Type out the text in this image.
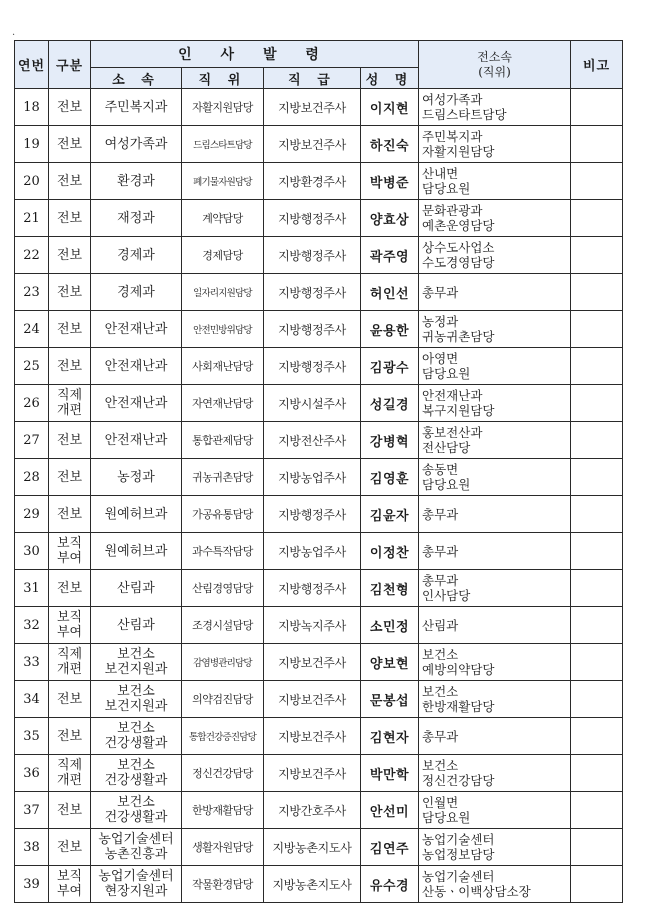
·
연번	구분	인 사 발 령				전소속
(직위)	비고
		소 속	직 위	직 급	성 명		
18	전보	주민복지과	자활지원담당	지방보건주사	이지현	여성가족과
드림스타트담당	

19	전보	여성가족과	드림스타트담당	지방보건주사	하진숙	주민복지과
자활지원담당	

20	전보	환경과	폐기물자원담당	지방환경주사	박병준	산내면
담당요원	

21	전보	재정과	계약담당	지방행정주사	양효상	문화관광과
예촌운영담당	

22	전보	경제과	경제담당	지방행정주사	곽주영	상수도사업소
수도경영담당	

23	전보	경제과	일자리지원담당	지방행정주사	허인선	총무과	

24	전보	안전재난과	안전민방위담당	지방행정주사	윤용한	농정과
귀농귀촌담당	

25	전보	안전재난과	사회재난담당	지방행정주사	김광수	아영면
담당요원	

26	직제
개편	안전재난과	자연재난담당	지방시설주사	성길경	안전재난과
복구지원담당	

27	전보	안전재난과	통합관제담당	지방전산주사	강병혁	홍보전산과
전산담당	

28	전보	농정과	귀농귀촌담당	지방농업주사	김영훈	송동면
담당요원	

29	전보	원예허브과	가공유통담당	지방행정주사	김윤자	총무과	

30	보직
부여	원예허브과	과수특작담당	지방농업주사	이정찬	총무과	

31	전보	산림과	산림경영담당	지방행정주사	김천형	총무과
인사담당	

32	보직
부여	산림과	조경시설담당	지방녹지주사	소민정	산림과	

33	직제
개편	보건소
보건지원과	감염병관리담당	지방보건주사	양보현	보건소
예방의약담당	

34	전보	보건소
보건지원과	의약검진담당	지방보건주사	문봉섭	보건소
한방재활담당	

35	전보	보건소
건강생활과	통합건강증진담당	지방보건주사	김현자	총무과	

36	직제
개편	보건소
건강생활과	정신건강담당	지방보건주사	박만학	보건소
정신건강담당	

37	전보	보건소
건강생활과	한방재활담당	지방간호주사	안선미	인월면
담당요원	

38	전보	농업기술센터
농촌진흥과	생활자원담당	지방농촌지도사	김연주	농업기술센터
농업정보담당	

39	보직
부여	농업기술센터
현장지원과	작물환경담당	지방농촌지도사	유수경	농업기술센터
산동ㆍ이백상담소장	
